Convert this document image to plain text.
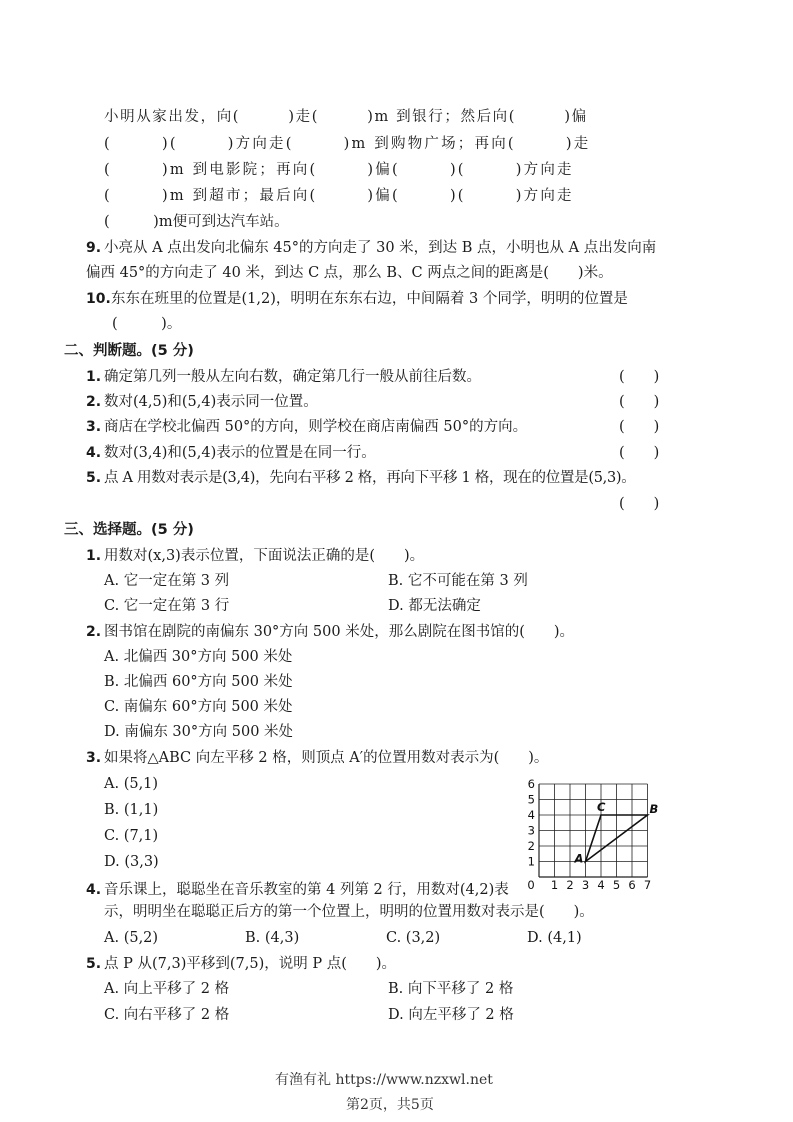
小明从家出发，向(　　　)走(　　　)m 到银行；然后向(　　　)偏
(　　　)(　　　)方向走(　　　)m 到购物广场；再向(　　　)走
(　　　)m 到电影院；再向(　　　)偏(　　　)(　　　)方向走
(　　　)m 到超市；最后向(　　　)偏(　　　)(　　　)方向走
(　　　)m便可到达汽车站。
9. 小亮从 A 点出发向北偏东 45°的方向走了 30 米，到达 B 点，小明也从 A 点出发向南
偏西 45°的方向走了 40 米，到达 C 点，那么 B、C 两点之间的距离是(　　)米。
10. 东东在班里的位置是(1,2)，明明在东东右边，中间隔着 3 个同学，明明的位置是
(　　　)。
二、判断题。(5 分)
1. 确定第几列一般从左向右数，确定第几行一般从前往后数。	(　　)
2. 数对(4,5)和(5,4)表示同一位置。	(　　)
3. 商店在学校北偏西 50°的方向，则学校在商店南偏西 50°的方向。	(　　)
4. 数对(3,4)和(5,4)表示的位置是在同一行。	(　　)
5. 点 A 用数对表示是(3,4)，先向右平移 2 格，再向下平移 1 格，现在的位置是(5,3)。
(　　)
三、选择题。(5 分)
1. 用数对(x,3)表示位置，下面说法正确的是(　　)。
A. 它一定在第 3 列	B. 它不可能在第 3 列
C. 它一定在第 3 行	D. 都无法确定
2. 图书馆在剧院的南偏东 30°方向 500 米处，那么剧院在图书馆的(　　)。
A. 北偏西 30°方向 500 米处
B. 北偏西 60°方向 500 米处
C. 南偏东 60°方向 500 米处
D. 南偏东 30°方向 500 米处
3. 如果将△ABC 向左平移 2 格，则顶点 A′的位置用数对表示为(　　)。
A. (5,1)
B. (1,1)
C. (7,1)
D. (3,3)
0 1 2 3 4 5 6 7
1
2
3
4
5
6
A
B
C
4. 音乐课上，聪聪坐在音乐教室的第 4 列第 2 行，用数对(4,2)表
示，明明坐在聪聪正后方的第一个位置上，明明的位置用数对表示是(　　)。
A. (5,2)	B. (4,3)	C. (3,2)	D. (4,1)
5. 点 P 从(7,3)平移到(7,5)，说明 P 点(　　)。
A. 向上平移了 2 格	B. 向下平移了 2 格
C. 向右平移了 2 格	D. 向左平移了 2 格
有渔有礼 https://www.nzxwl.net
第2页，共5页
